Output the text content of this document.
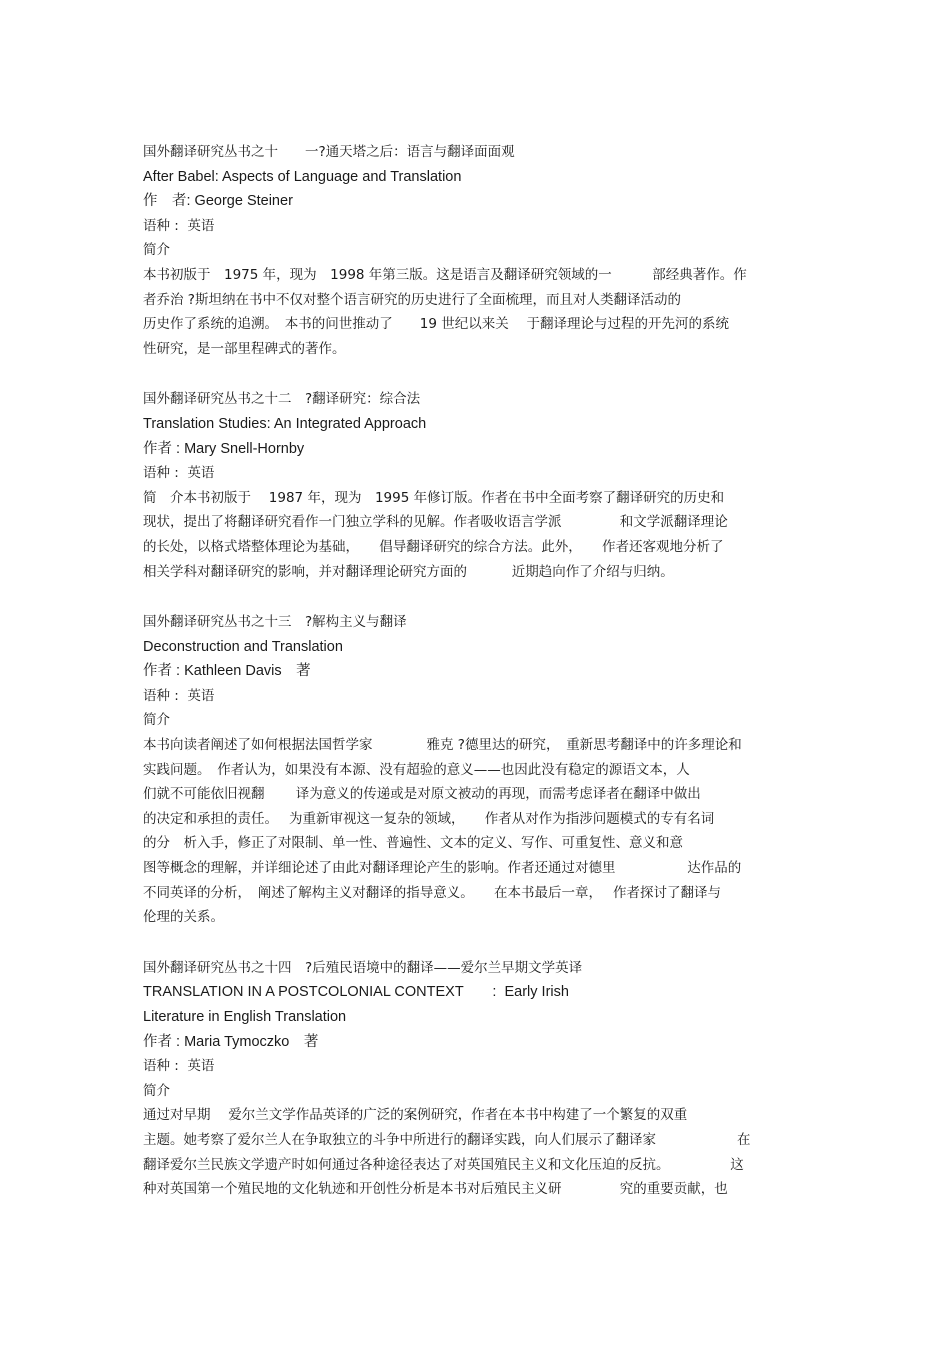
国外翻译研究丛书之十　　一?通天塔之后：语言与翻译面面观
After Babel: Aspects of Language and Translation
作　者: George Steiner
语种 :  英语
简介
本书初版于　1975 年，现为　1998 年第三版。这是语言及翻译研究领域的一　　　部经典著作。作
者乔治 ?斯坦纳在书中不仅对整个语言研究的历史进行了全面梳理，而且对人类翻译活动的
历史作了系统的追溯。　本书的问世推动了　　19 世纪以来关　 于翻译理论与过程的开先河的系统
性研究，是一部里程碑式的著作。
国外翻译研究丛书之十二　?翻译研究：综合法
Translation Studies: An Integrated Approach
作者 : Mary Snell-Hornby
语种 :  英语
简　介本书初版于　 1987 年，现为　1995 年修订版。作者在书中全面考察了翻译研究的历史和
现状，提出了将翻译研究看作一门独立学科的见解。作者吸收语言学派　　　　 和文学派翻译理论
的长处，以格式塔整体理论为基础，　　倡导翻译研究的综合方法。此外，　　作者还客观地分析了
相关学科对翻译研究的影响，并对翻译理论研究方面的　　　 近期趋向作了介绍与归纳。
国外翻译研究丛书之十三　?解构主义与翻译
Deconstruction and Translation
作者 : Kathleen Davis　著
语种 :  英语
简介
本书向读者阐述了如何根据法国哲学家　　　　雅克 ?德里达的研究，　重新思考翻译中的许多理论和
实践问题。　作者认为，如果没有本源、没有超验的意义——也因此没有稳定的源语文本，人
们就不可能依旧视翻　　 译为意义的传递或是对原文被动的再现，而需考虑译者在翻译中做出
的决定和承担的责任。　 为重新审视这一复杂的领域，　　作者从对作为指涉问题模式的专有名词
的分　析入手，修正了对限制、单一性、普遍性、文本的定义、写作、可重复性、意义和意
图等概念的理解，并详细论述了由此对翻译理论产生的影响。作者还通过对德里　　　　　 达作品的
不同英译的分析，　阐述了解构主义对翻译的指导意义。　　在本书最后一章，　 作者探讨了翻译与
伦理的关系。
国外翻译研究丛书之十四　?后殖民语境中的翻译——爱尔兰早期文学英译
TRANSLATION IN A POSTCOLONIAL CONTEXT　　:  Early Irish
Literature in English Translation
作者 : Maria Tymoczko　著
语种 :  英语
简介
通过对早期　 爱尔兰文学作品英译的广泛的案例研究，作者在本书中构建了一个繁复的双重
主题。她考察了爱尔兰人在争取独立的斗争中所进行的翻译实践，向人们展示了翻译家　　　　　　在
翻译爱尔兰民族文学遗产时如何通过各种途径表达了对英国殖民主义和文化压迫的反抗。　　　　　这
种对英国第一个殖民地的文化轨迹和开创性分析是本书对后殖民主义研　　　　 究的重要贡献，也
